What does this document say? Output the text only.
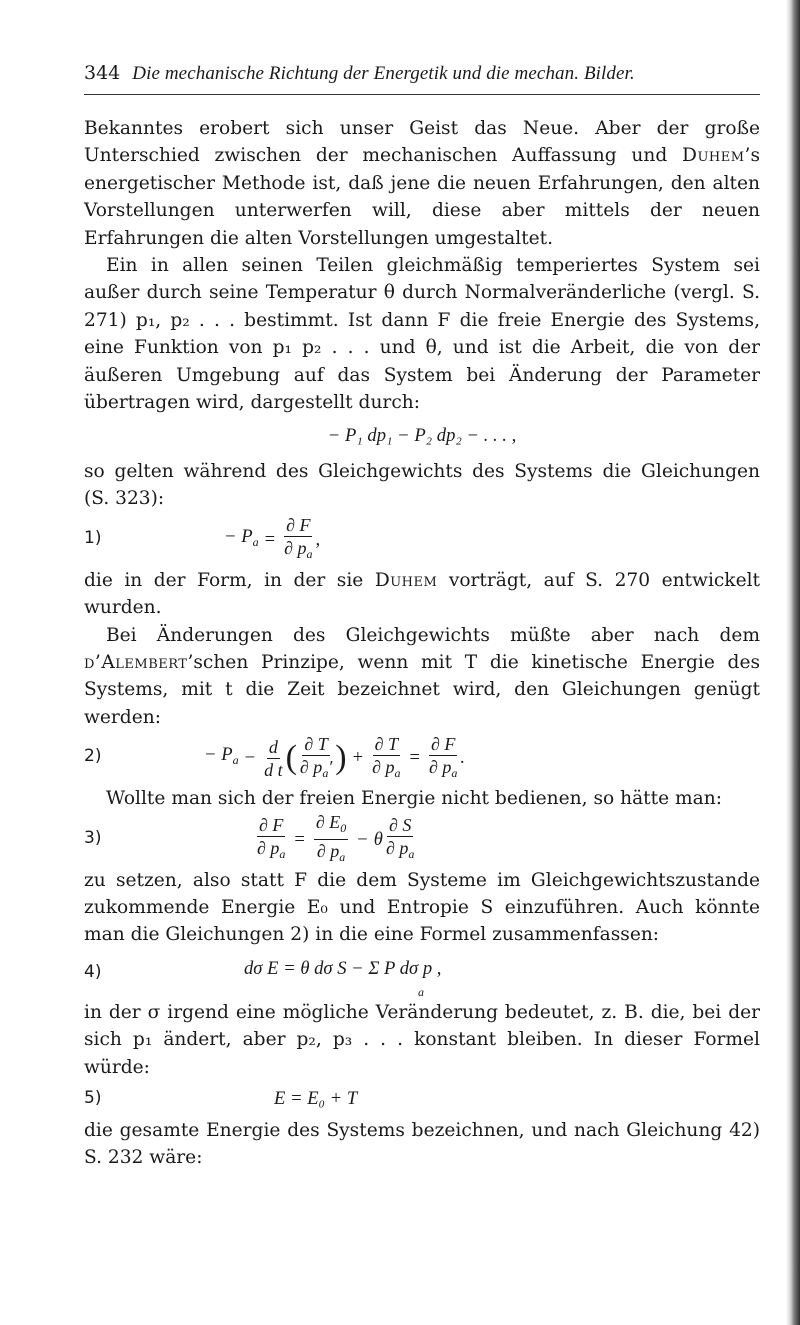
344 Die mechanische Richtung der Energetik und die mechan. Bilder.

Bekanntes erobert sich unser Geist das Neue. Aber der große Unterschied zwischen der mechanischen Auffassung und Duhem’s energetischer Methode ist, daß jene die neuen Erfahrungen, den alten Vorstellungen unterwerfen will, diese aber mittels der neuen Erfahrungen die alten Vorstellungen umgestaltet.

Ein in allen seinen Teilen gleichmäßig temperiertes System sei außer durch seine Temperatur θ durch Normalveränderliche (vergl. S. 271) p₁, p₂ . . . bestimmt. Ist dann F die freie Energie des Systems, eine Funktion von p₁ p₂ . . . und θ, und ist die Arbeit, die von der äußeren Umgebung auf das System bei Änderung der Parameter übertragen wird, dargestellt durch:

− P₁ dp₁ − P₂ dp₂ − . . . ,

so gelten während des Gleichgewichts des Systems die Gleichungen (S. 323):

1)	− $P_a = \frac{\partial F}{\partial p_a}$ ,

die in der Form, in der sie Duhem vorträgt, auf S. 270 entwickelt wurden.

Bei Änderungen des Gleichgewichts müßte aber nach dem d’Alembert’schen Prinzipe, wenn mit T die kinetische Energie des Systems, mit t die Zeit bezeichnet wird, den Gleichungen genügt werden:

2)	− $P_a - \frac{d}{\text{d t}}$ ( $\frac{\partial T}{\partial p_a'}$ ) + $\frac{\partial T}{\partial p_a} = \frac{\partial F}{\partial p_a}$ .

Wollte man sich der freien Energie nicht bedienen, so hätte man:

3)	$\frac{\partial F}{\partial p_a} = \frac{\partial E_0}{\partial p_a} - \theta \frac{\partial S}{\partial p_a}$

zu setzen, also statt F die dem Systeme im Gleichgewichtszustande zukommende Energie E₀ und Entropie S einzuführen. Auch könnte man die Gleichungen 2) in die eine Formel zusammenfassen:

4)	dσ E = θ dσ S − Σ P dσ p ,
a

in der σ irgend eine mögliche Veränderung bedeutet, z. B. die, bei der sich p₁ ändert, aber p₂, p₃ . . . konstant bleiben. In dieser Formel würde:

5)	E = E₀ + T

die gesamte Energie des Systems bezeichnen, und nach Gleichung 42) S. 232 wäre:
